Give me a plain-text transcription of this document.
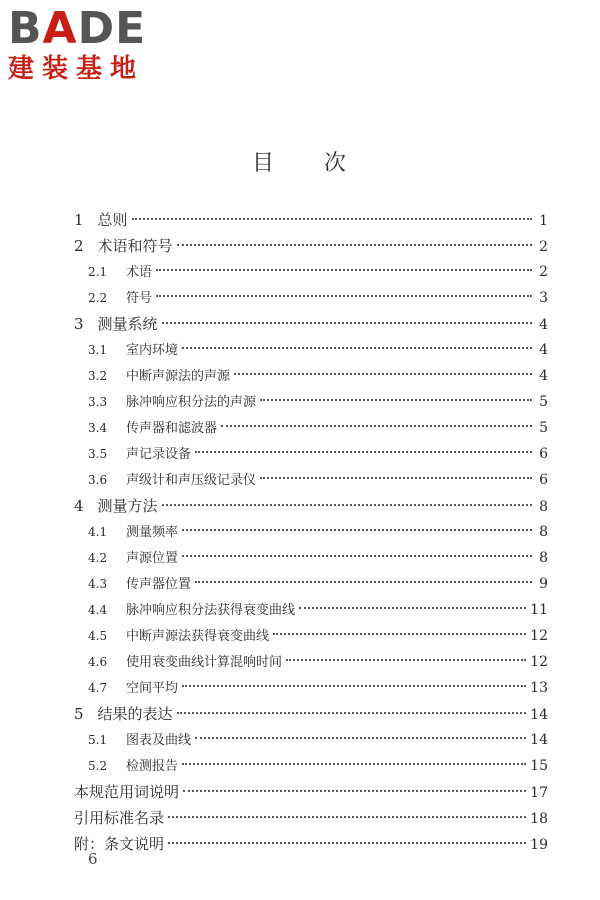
BADE
建装基地
目 次
1 总则	1
2 术语和符号	2
2.1	术语	2
2.2	符号	3
3 测量系统	4
3.1	室内环境	4
3.2	中断声源法的声源	4
3.3	脉冲响应积分法的声源	5
3.4	传声器和滤波器	5
3.5	声记录设备	6
3.6	声级计和声压级记录仪	6
4 测量方法	8
4.1	测量频率	8
4.2	声源位置	8
4.3	传声器位置	9
4.4	脉冲响应积分法获得衰变曲线	11
4.5	中断声源法获得衰变曲线	12
4.6	使用衰变曲线计算混响时间	12
4.7	空间平均	13
5 结果的表达	14
5.1	图表及曲线	14
5.2	检测报告	15
本规范用词说明	17
引用标准名录	18
附：条文说明	19
6
